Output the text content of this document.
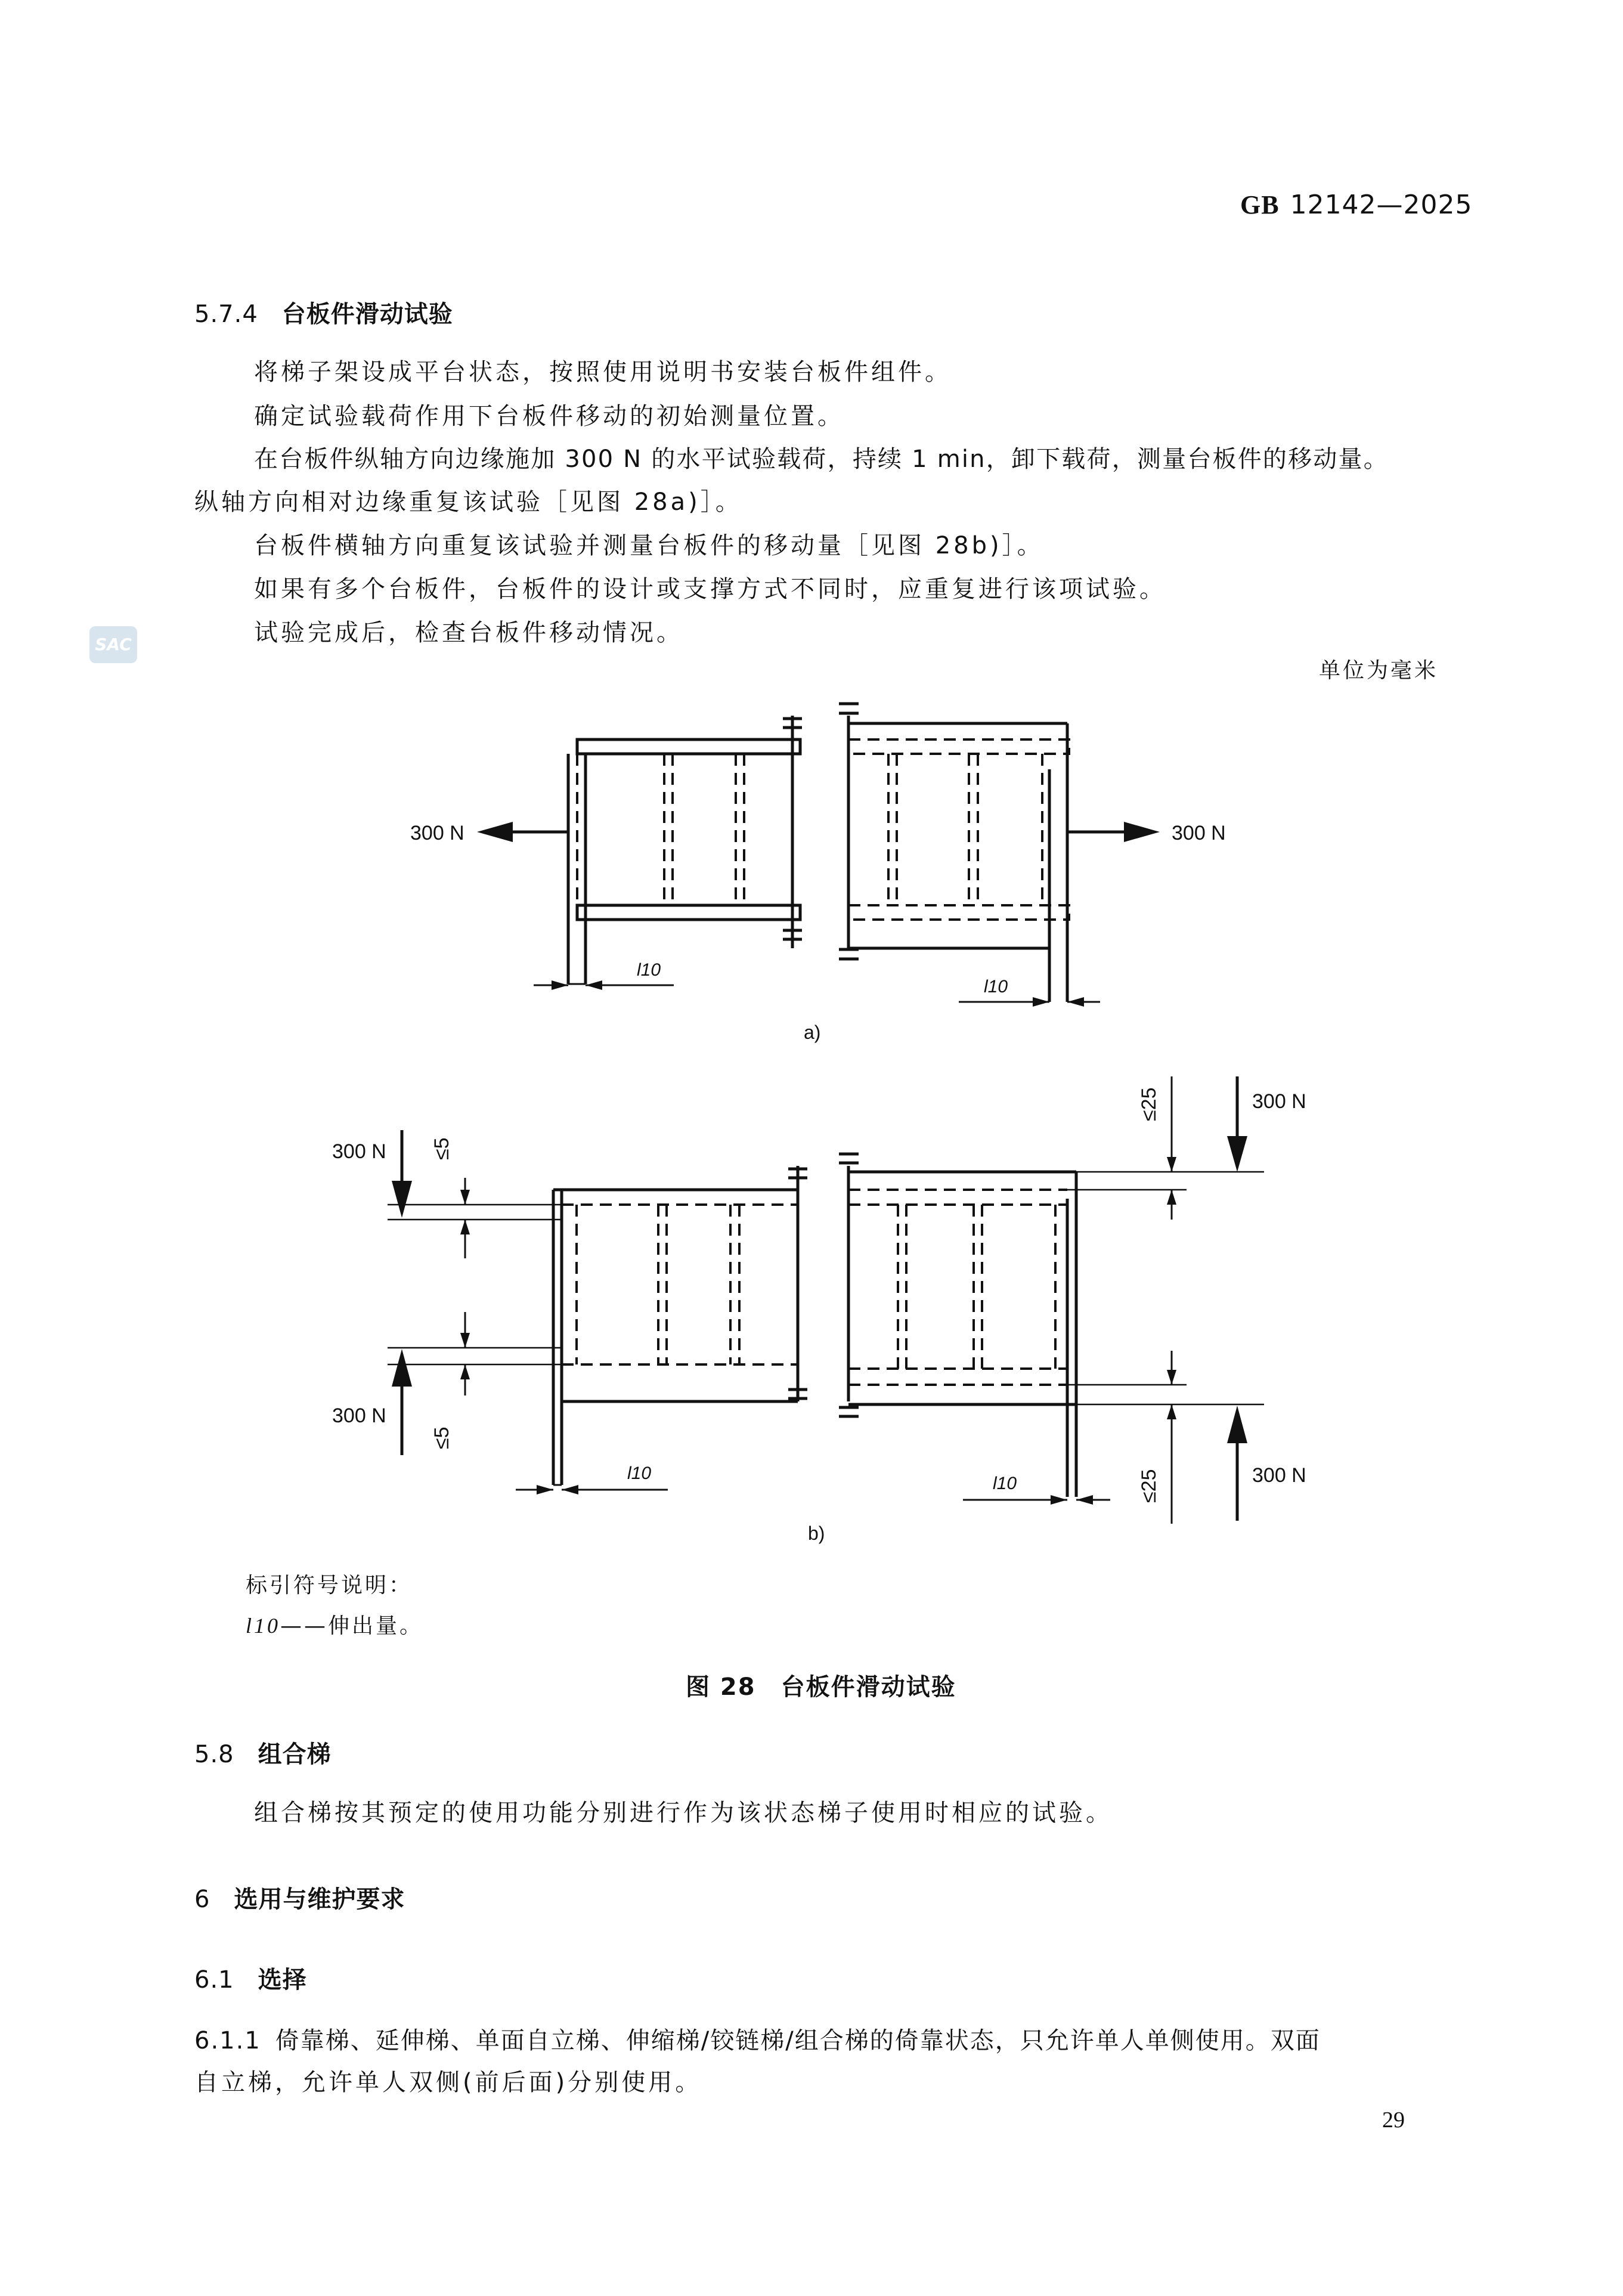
GB 12142—2025
SAC
5.7.4 台板件滑动试验
将梯子架设成平台状态，按照使用说明书安装台板件组件。
确定试验载荷作用下台板件移动的初始测量位置。
在台板件纵轴方向边缘施加 300 N 的水平试验载荷，持续 1 min，卸下载荷，测量台板件的移动量。
纵轴方向相对边缘重复该试验［见图 28a)］。
台板件横轴方向重复该试验并测量台板件的移动量［见图 28b)］。
如果有多个台板件，台板件的设计或支撑方式不同时，应重复进行该项试验。
试验完成后，检查台板件移动情况。
单位为毫米
300 N
l10
300 N
l10
a)
300 N
300 N
≤5
≤5
l10
300 N
300 N
≤25
≤25
l10
b)
标引符号说明：
l10——伸出量。
图 28　台板件滑动试验
5.8 组合梯
组合梯按其预定的使用功能分别进行作为该状态梯子使用时相应的试验。
6 选用与维护要求
6.1 选择
6.1.1 倚靠梯、延伸梯、单面自立梯、伸缩梯/铰链梯/组合梯的倚靠状态，只允许单人单侧使用。双面
自立梯，允许单人双侧(前后面)分别使用。
29
